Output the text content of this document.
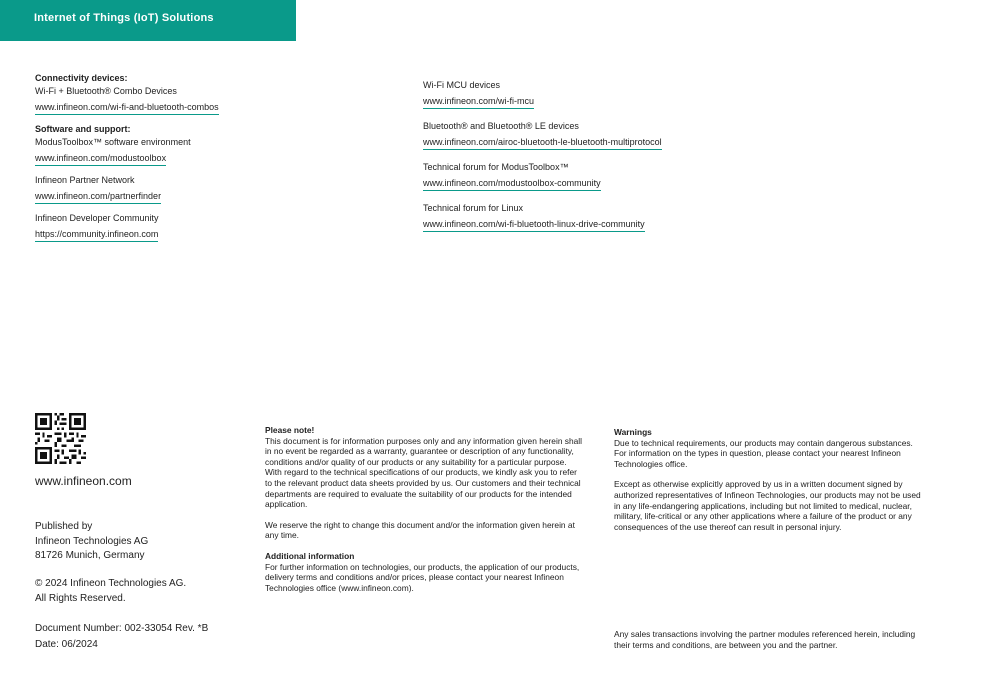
Internet of Things (IoT) Solutions
Connectivity devices:
Wi-Fi + Bluetooth® Combo Devices
www.infineon.com/wi-fi-and-bluetooth-combos
Software and support:
ModusToolbox™ software environment
www.infineon.com/modustoolbox
Infineon Partner Network
www.infineon.com/partnerfinder
Infineon Developer Community
https://community.infineon.com
Wi-Fi MCU devices
www.infineon.com/wi-fi-mcu
Bluetooth® and Bluetooth® LE devices
www.infineon.com/airoc-bluetooth-le-bluetooth-multiprotocol
Technical forum for ModusToolbox™
www.infineon.com/modustoolbox-community
Technical forum for Linux
www.infineon.com/wi-fi-bluetooth-linux-drive-community
www.infineon.com
Published by
Infineon Technologies AG
81726 Munich, Germany
© 2024 Infineon Technologies AG.
All Rights Reserved.
Document Number: 002-33054 Rev. *B
Date: 06/2024
Please note!

This document is for information purposes only and any information given herein shall in no event be regarded as a warranty, guarantee or description of any functionality, conditions and/or quality of our products or any suitability for a particular purpose. With regard to the technical specifications of our products, we kindly ask you to refer to the relevant product data sheets provided by us. Our customers and their technical departments are required to evaluate the suitability of our products for the intended application.

We reserve the right to change this document and/or the information given herein at any time.

Additional information

For further information on technologies, our products, the application of our products, delivery terms and conditions and/or prices, please contact your nearest Infineon Technologies office (www.infineon.com).

Warnings

Due to technical requirements, our products may contain dangerous substances. For information on the types in question, please contact your nearest Infineon Technologies office.

Except as otherwise explicitly approved by us in a written document signed by authorized representatives of Infineon Technologies, our products may not be used in any life-endangering applications, including but not limited to medical, nuclear, military, life-critical or any other applications where a failure of the product or any consequences of the use thereof can result in personal injury.

Any sales transactions involving the partner modules referenced herein, including their terms and conditions, are between you and the partner.
